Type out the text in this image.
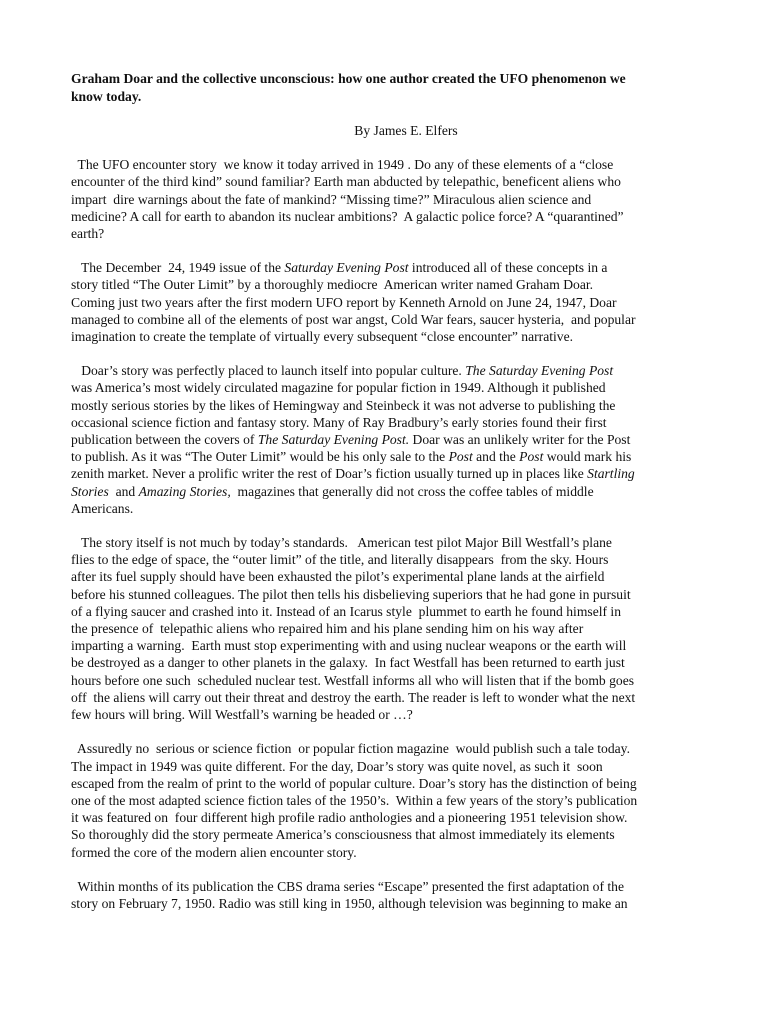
Graham Doar and the collective unconscious: how one author created the UFO phenomenon we
know today.

By James E. Elfers
The UFO encounter story  we know it today arrived in 1949 . Do any of these elements of a “close
encounter of the third kind” sound familiar? Earth man abducted by telepathic, beneficent aliens who
impart  dire warnings about the fate of mankind? “Missing time?” Miraculous alien science and
medicine? A call for earth to abandon its nuclear ambitions?  A galactic police force? A “quarantined”
earth?
The December  24, 1949 issue of the Saturday Evening Post introduced all of these concepts in a
story titled “The Outer Limit” by a thoroughly mediocre  American writer named Graham Doar.
Coming just two years after the first modern UFO report by Kenneth Arnold on June 24, 1947, Doar
managed to combine all of the elements of post war angst, Cold War fears, saucer hysteria,  and popular
imagination to create the template of virtually every subsequent “close encounter” narrative.
Doar’s story was perfectly placed to launch itself into popular culture. The Saturday Evening Post
was America’s most widely circulated magazine for popular fiction in 1949. Although it published
mostly serious stories by the likes of Hemingway and Steinbeck it was not adverse to publishing the
occasional science fiction and fantasy story. Many of Ray Bradbury’s early stories found their first
publication between the covers of The Saturday Evening Post. Doar was an unlikely writer for the Post
to publish. As it was “The Outer Limit” would be his only sale to the Post and the Post would mark his
zenith market. Never a prolific writer the rest of Doar’s fiction usually turned up in places like Startling
Stories  and Amazing Stories,  magazines that generally did not cross the coffee tables of middle
Americans.
The story itself is not much by today’s standards.   American test pilot Major Bill Westfall’s plane
flies to the edge of space, the “outer limit” of the title, and literally disappears  from the sky. Hours
after its fuel supply should have been exhausted the pilot’s experimental plane lands at the airfield
before his stunned colleagues. The pilot then tells his disbelieving superiors that he had gone in pursuit
of a flying saucer and crashed into it. Instead of an Icarus style  plummet to earth he found himself in
the presence of  telepathic aliens who repaired him and his plane sending him on his way after
imparting a warning.  Earth must stop experimenting with and using nuclear weapons or the earth will
be destroyed as a danger to other planets in the galaxy.  In fact Westfall has been returned to earth just
hours before one such  scheduled nuclear test. Westfall informs all who will listen that if the bomb goes
off  the aliens will carry out their threat and destroy the earth. The reader is left to wonder what the next
few hours will bring. Will Westfall’s warning be headed or …?
Assuredly no  serious or science fiction  or popular fiction magazine  would publish such a tale today.
The impact in 1949 was quite different. For the day, Doar’s story was quite novel, as such it  soon
escaped from the realm of print to the world of popular culture. Doar’s story has the distinction of being
one of the most adapted science fiction tales of the 1950’s.  Within a few years of the story’s publication
it was featured on  four different high profile radio anthologies and a pioneering 1951 television show.
So thoroughly did the story permeate America’s consciousness that almost immediately its elements
formed the core of the modern alien encounter story.
Within months of its publication the CBS drama series “Escape” presented the first adaptation of the
story on February 7, 1950. Radio was still king in 1950, although television was beginning to make an
